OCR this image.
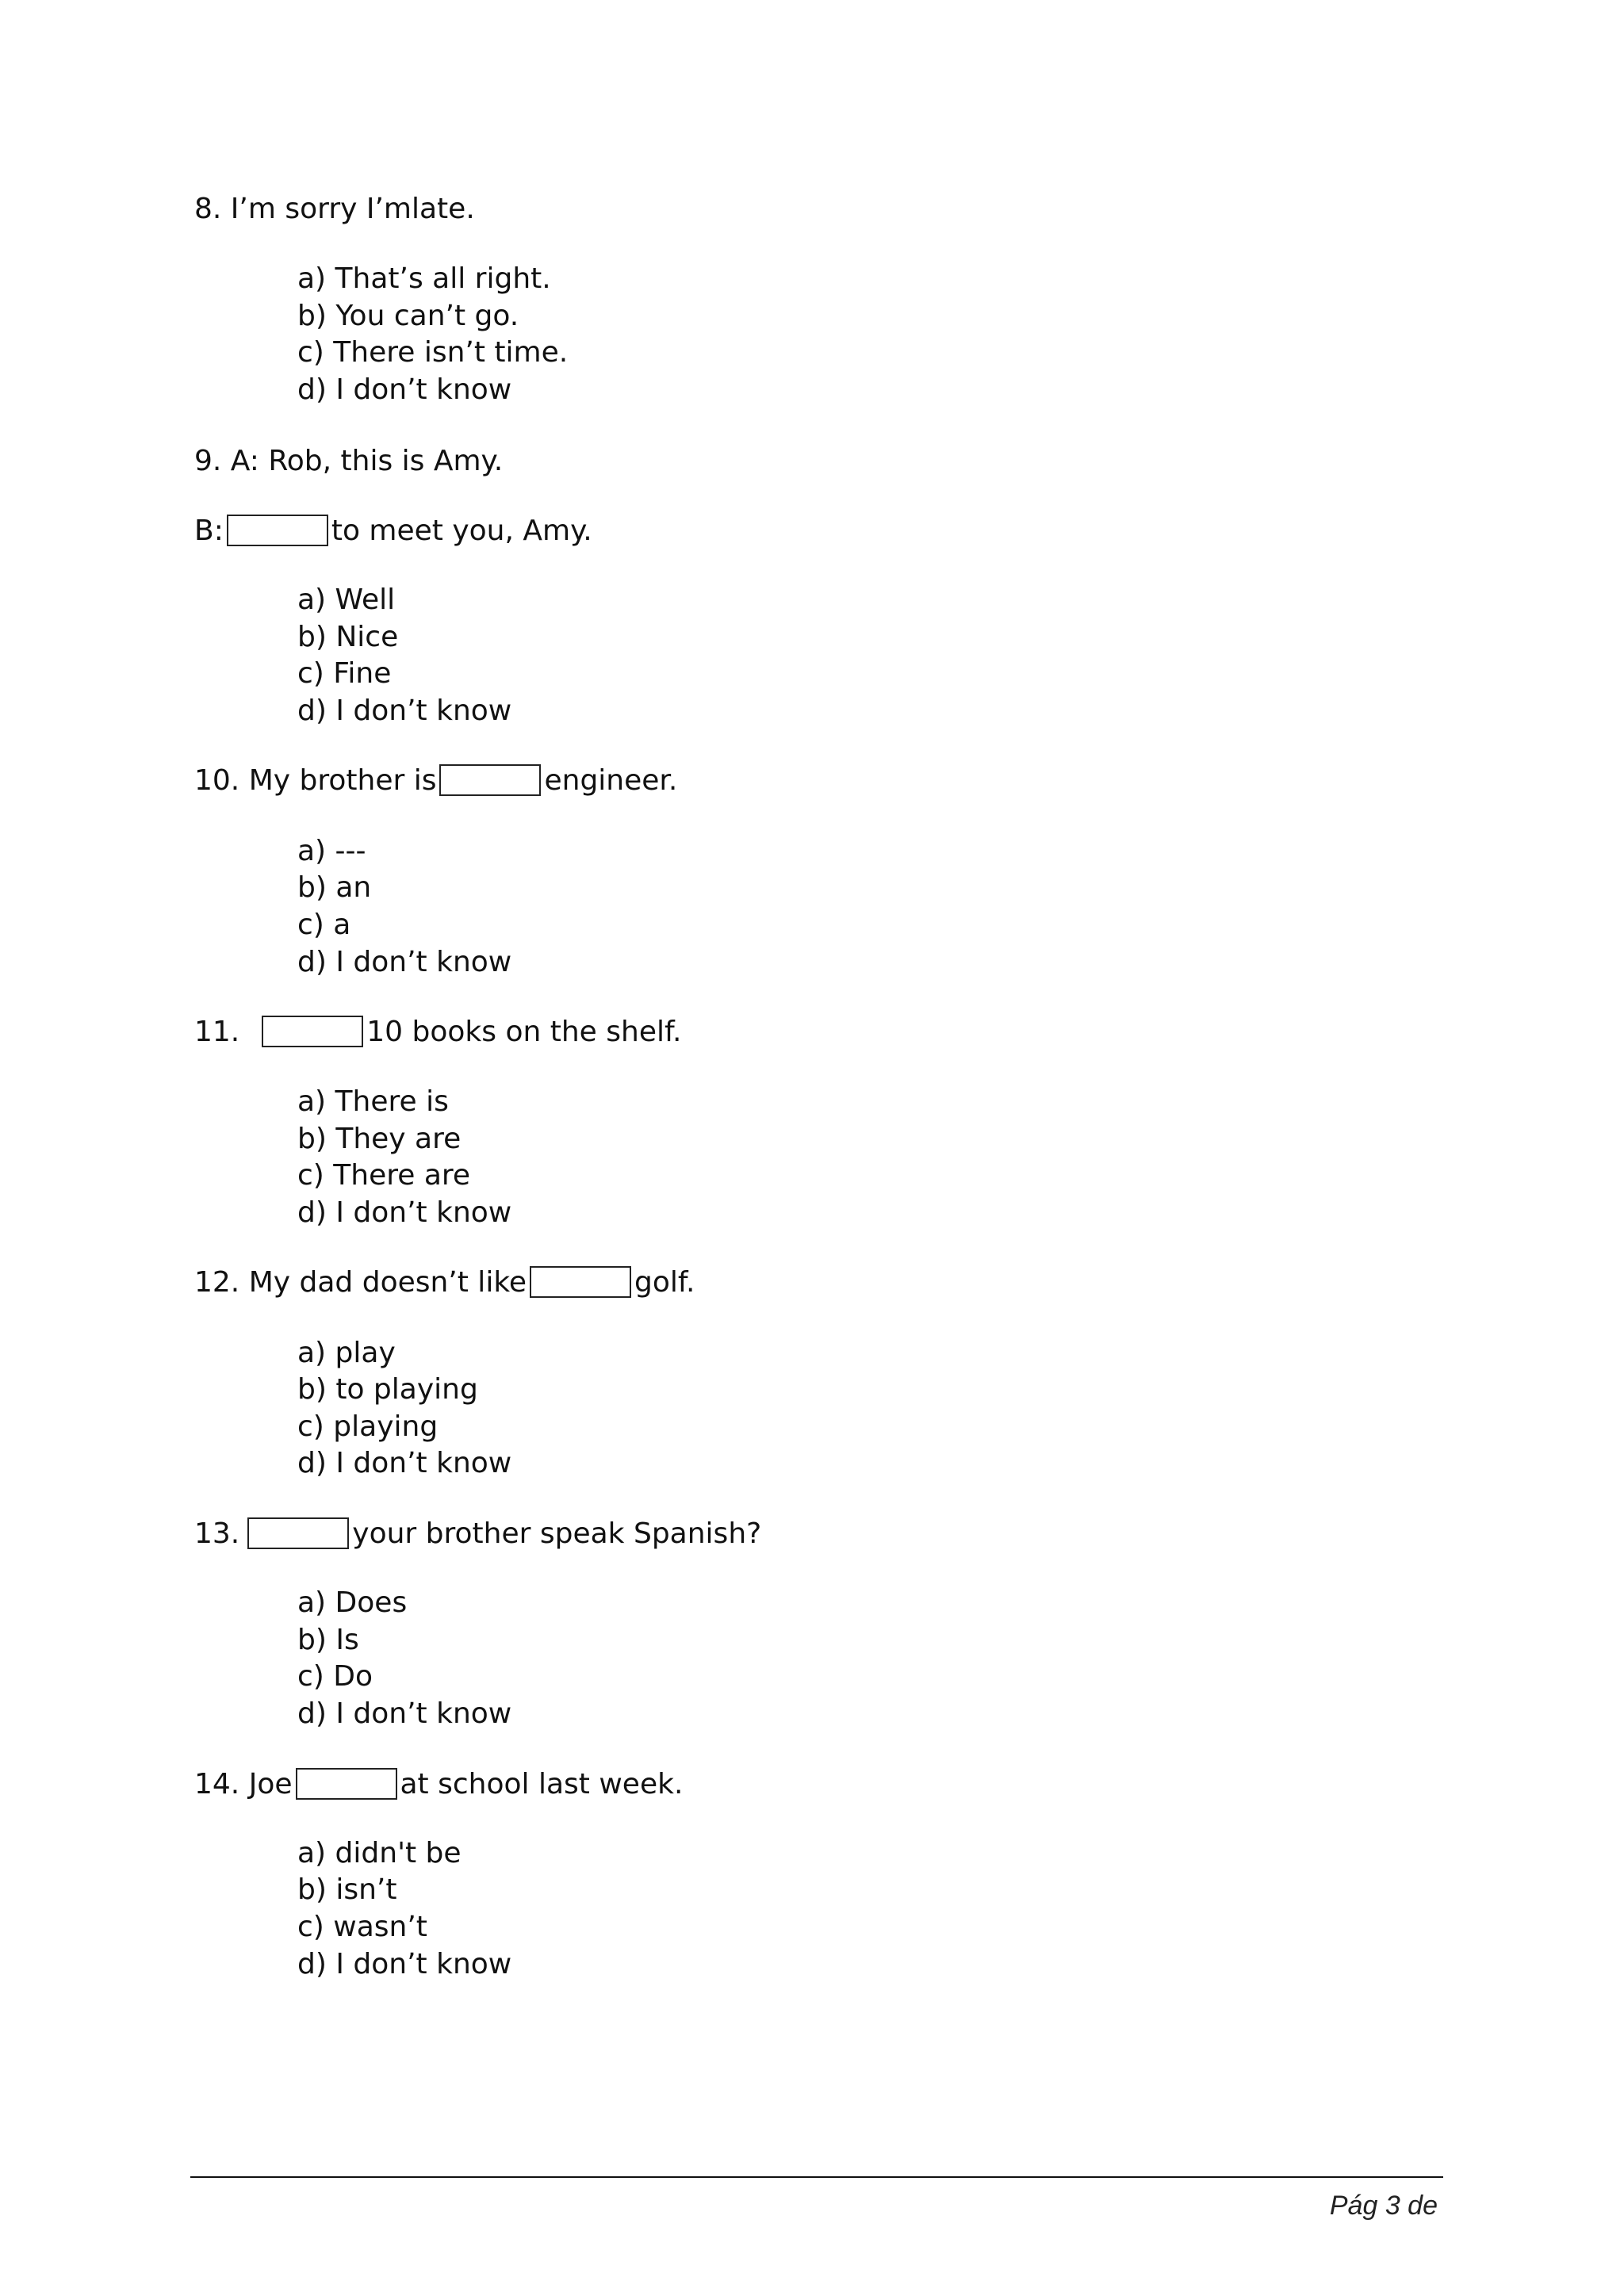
8. I’m sorry I’mlate.
a) That’s all right.
b) You can’t go.
c) There isn’t time.
d) I don’t know
9. A: Rob, this is Amy.
B:	to meet you, Amy.
a) Well
b) Nice
c) Fine
d) I don’t know
10. My brother is	engineer.
a) ---
b) an
c) a
d) I don’t know
11.	10 books on the shelf.
a) There is
b) They are
c) There are
d) I don’t know
12. My dad doesn’t like	golf.
a) play
b) to playing
c) playing
d) I don’t know
13.	your brother speak Spanish?
a) Does
b) Is
c) Do
d) I don’t know
14. Joe	at school last week.
a) didn't be
b) isn’t
c) wasn’t
d) I don’t know
Pág 3 de
